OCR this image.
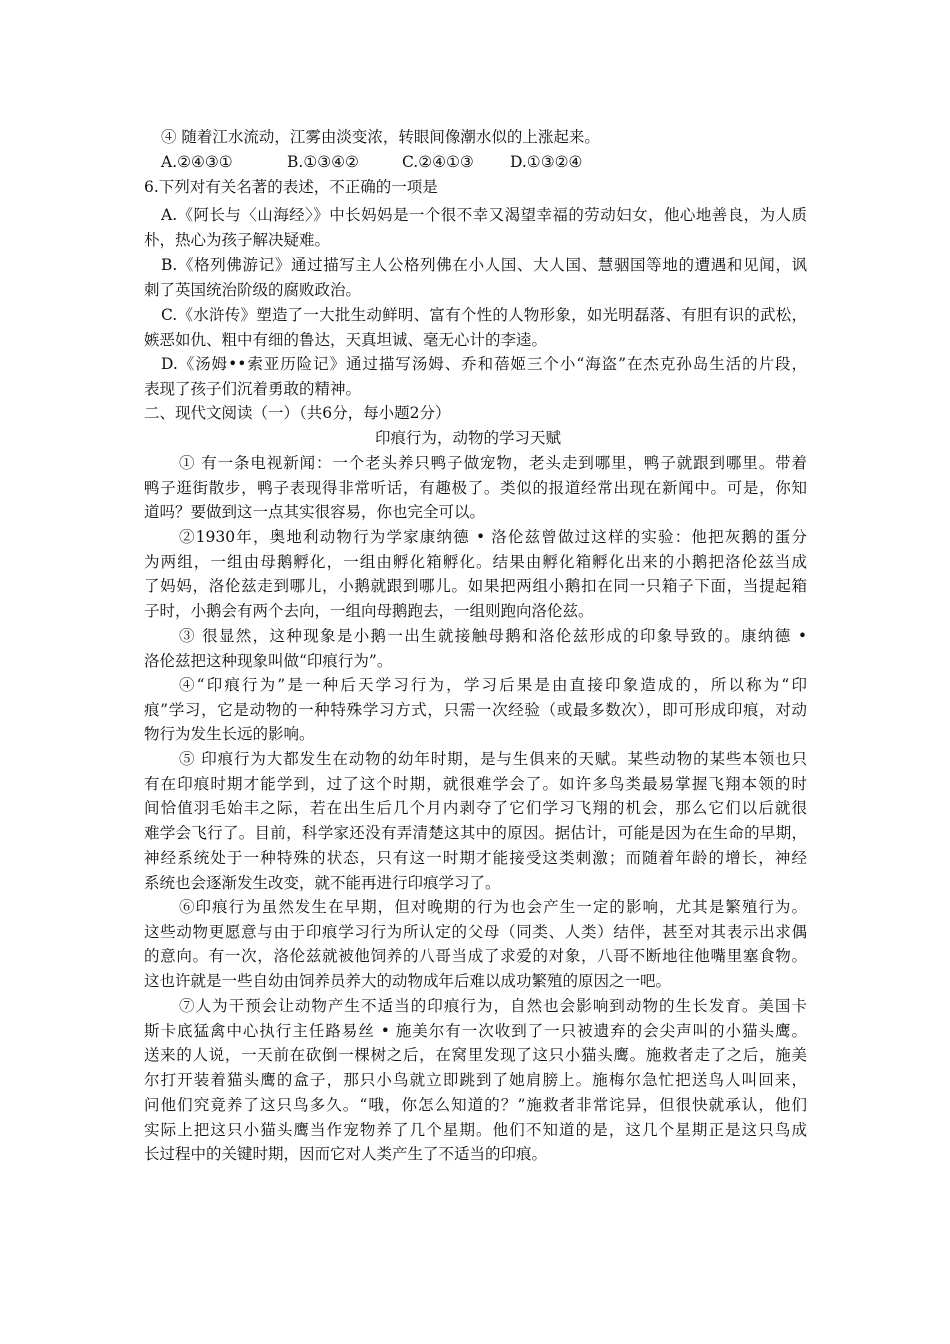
④ 随着江水流动，江雾由淡变浓，转眼间像潮水似的上涨起来。
A.②④③①	B.①③④②	C.②④①③ D.①③②④
6.下列对有关名著的表述，不正确的一项是
A.《阿长与〈山海经〉》中长妈妈是一个很不幸又渴望幸福的劳动妇女，他心地善良，为人质
朴，热心为孩子解决疑难。
B.《格列佛游记》通过描写主人公格列佛在小人国、大人国、慧骃国等地的遭遇和见闻，讽
刺了英国统治阶级的腐败政治。
C.《水浒传》塑造了一大批生动鲜明、富有个性的人物形象，如光明磊落、有胆有识的武松，
嫉恶如仇、粗中有细的鲁达，天真坦诚、毫无心计的李逵。
D.《汤姆••索亚历险记》通过描写汤姆、乔和蓓姬三个小“海盗”在杰克孙岛生活的片段，
表现了孩子们沉着勇敢的精神。
二、现代文阅读（一）（共6分，每小题2分）
印痕行为，动物的学习天赋
① 有一条电视新闻：一个老头养只鸭子做宠物，老头走到哪里，鸭子就跟到哪里。带着
鸭子逛街散步，鸭子表现得非常听话，有趣极了。类似的报道经常出现在新闻中。可是，你知
道吗？要做到这一点其实很容易，你也完全可以。
②1930年，奥地利动物行为学家康纳德 • 洛伦兹曾做过这样的实验：他把灰鹅的蛋分
为两组，一组由母鹅孵化，一组由孵化箱孵化。结果由孵化箱孵化出来的小鹅把洛伦兹当成
了妈妈，洛伦兹走到哪儿，小鹅就跟到哪儿。如果把两组小鹅扣在同一只箱子下面，当提起箱
子时，小鹅会有两个去向，一组向母鹅跑去，一组则跑向洛伦兹。
③ 很显然，这种现象是小鹅一出生就接触母鹅和洛伦兹形成的印象导致的。康纳德 •
洛伦兹把这种现象叫做“印痕行为”。
④“印痕行为”是一种后天学习行为，学习后果是由直接印象造成的，所以称为“印
痕”学习，它是动物的一种特殊学习方式，只需一次经验（或最多数次），即可形成印痕，对动
物行为发生长远的影响。
⑤ 印痕行为大都发生在动物的幼年时期，是与生俱来的天赋。某些动物的某些本领也只
有在印痕时期才能学到，过了这个时期，就很难学会了。如许多鸟类最易掌握飞翔本领的时
间恰值羽毛始丰之际，若在出生后几个月内剥夺了它们学习飞翔的机会，那么它们以后就很
难学会飞行了。目前，科学家还没有弄清楚这其中的原因。据估计，可能是因为在生命的早期，
神经系统处于一种特殊的状态，只有这一时期才能接受这类刺激；而随着年龄的增长，神经
系统也会逐渐发生改变，就不能再进行印痕学习了。
⑥印痕行为虽然发生在早期，但对晚期的行为也会产生一定的影响，尤其是繁殖行为。
这些动物更愿意与由于印痕学习行为所认定的父母（同类、人类）结伴，甚至对其表示出求偶
的意向。有一次，洛伦兹就被他饲养的八哥当成了求爱的对象，八哥不断地往他嘴里塞食物。
这也许就是一些自幼由饲养员养大的动物成年后难以成功繁殖的原因之一吧。
⑦人为干预会让动物产生不适当的印痕行为，自然也会影响到动物的生长发育。美国卡
斯卡底猛禽中心执行主任路易丝 • 施美尔有一次收到了一只被遗弃的会尖声叫的小猫头鹰。
送来的人说，一天前在砍倒一棵树之后，在窝里发现了这只小猫头鹰。施救者走了之后，施美
尔打开装着猫头鹰的盒子，那只小鸟就立即跳到了她肩膀上。施梅尔急忙把送鸟人叫回来，
问他们究竟养了这只鸟多久。“哦，你怎么知道的？”施救者非常诧异，但很快就承认，他们
实际上把这只小猫头鹰当作宠物养了几个星期。他们不知道的是，这几个星期正是这只鸟成
长过程中的关键时期，因而它对人类产生了不适当的印痕。
